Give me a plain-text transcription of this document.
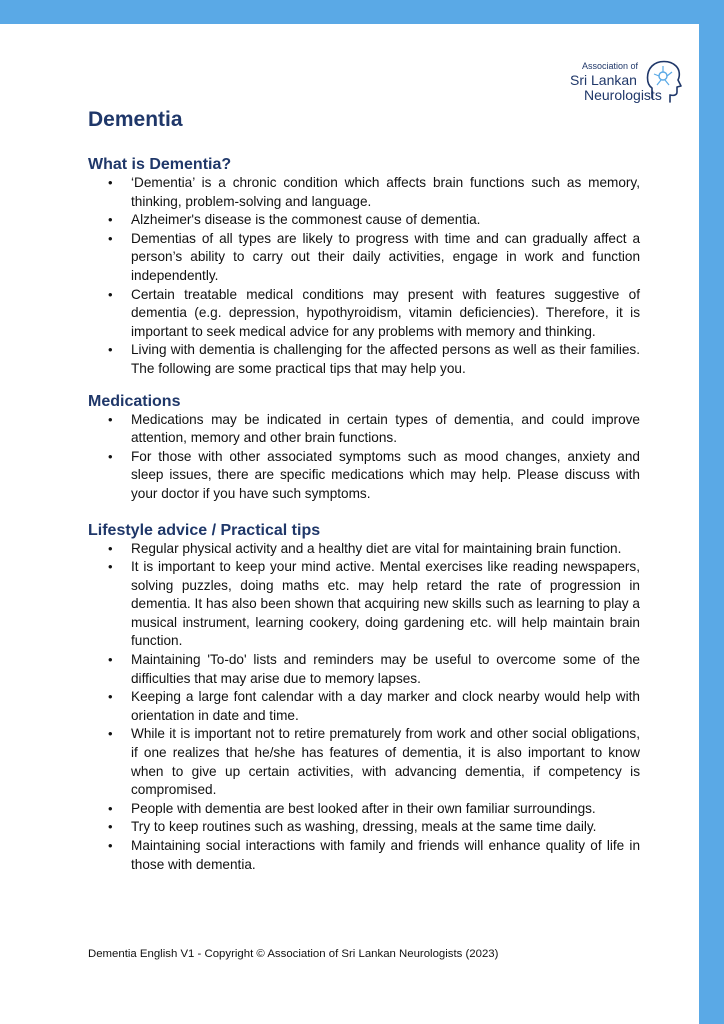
Association of
Sri Lankan
Neurologists
Dementia
What is Dementia?
• ‘Dementia’ is a chronic condition which affects brain functions such as memory, thinking, problem-solving and language.
• Alzheimer's disease is the commonest cause of dementia.
• Dementias of all types are likely to progress with time and can gradually affect a person’s ability to carry out their daily activities, engage in work and function independently.
• Certain treatable medical conditions may present with features suggestive of dementia (e.g. depression, hypothyroidism, vitamin deficiencies). Therefore, it is important to seek medical advice for any problems with memory and thinking.
• Living with dementia is challenging for the affected persons as well as their families. The following are some practical tips that may help you.
Medications
• Medications may be indicated in certain types of dementia, and could improve attention, memory and other brain functions.
• For those with other associated symptoms such as mood changes, anxiety and sleep issues, there are specific medications which may help. Please discuss with your doctor if you have such symptoms.
Lifestyle advice / Practical tips
• Regular physical activity and a healthy diet are vital for maintaining brain function.
• It is important to keep your mind active. Mental exercises like reading newspapers, solving puzzles, doing maths etc. may help retard the rate of progression in dementia. It has also been shown that acquiring new skills such as learning to play a musical instrument, learning cookery, doing gardening etc. will help maintain brain function.
• Maintaining 'To-do' lists and reminders may be useful to overcome some of the difficulties that may arise due to memory lapses.
• Keeping a large font calendar with a day marker and clock nearby would help with orientation in date and time.
• While it is important not to retire prematurely from work and other social obligations, if one realizes that he/she has features of dementia, it is also important to know when to give up certain activities, with advancing dementia, if competency is compromised.
• People with dementia are best looked after in their own familiar surroundings.
• Try to keep routines such as washing, dressing, meals at the same time daily.
• Maintaining social interactions with family and friends will enhance quality of life in those with dementia.
Dementia English V1 - Copyright © Association of Sri Lankan Neurologists (2023)
